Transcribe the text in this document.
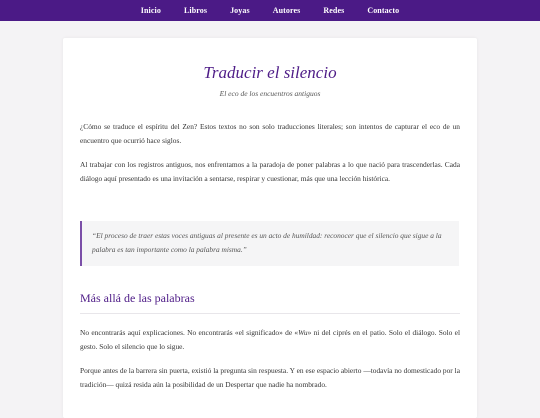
Inicio	Libros	Joyas	Autores	Redes	Contacto
Traducir el silencio

El eco de los encuentros antiguos

¿Cómo se traduce el espíritu del Zen? Estos textos no son solo traducciones literales; son intentos de capturar el eco de un encuentro que ocurrió hace siglos.

Al trabajar con los registros antiguos, nos enfrentamos a la paradoja de poner palabras a lo que nació para trascenderlas. Cada diálogo aquí presentado es una invitación a sentarse, respirar y cuestionar, más que una lección histórica.

“El proceso de traer estas voces antiguas al presente es un acto de humildad: reconocer que el silencio que sigue a la palabra es tan importante como la palabra misma.”
Más allá de las palabras

No encontrarás aquí explicaciones. No encontrarás «el significado» de «Wu» ni del ciprés en el patio. Solo el diálogo. Solo el gesto. Solo el silencio que lo sigue.

Porque antes de la barrera sin puerta, existió la pregunta sin respuesta. Y en ese espacio abierto —todavía no domesticado por la tradición— quizá resida aún la posibilidad de un Despertar que nadie ha nombrado.
